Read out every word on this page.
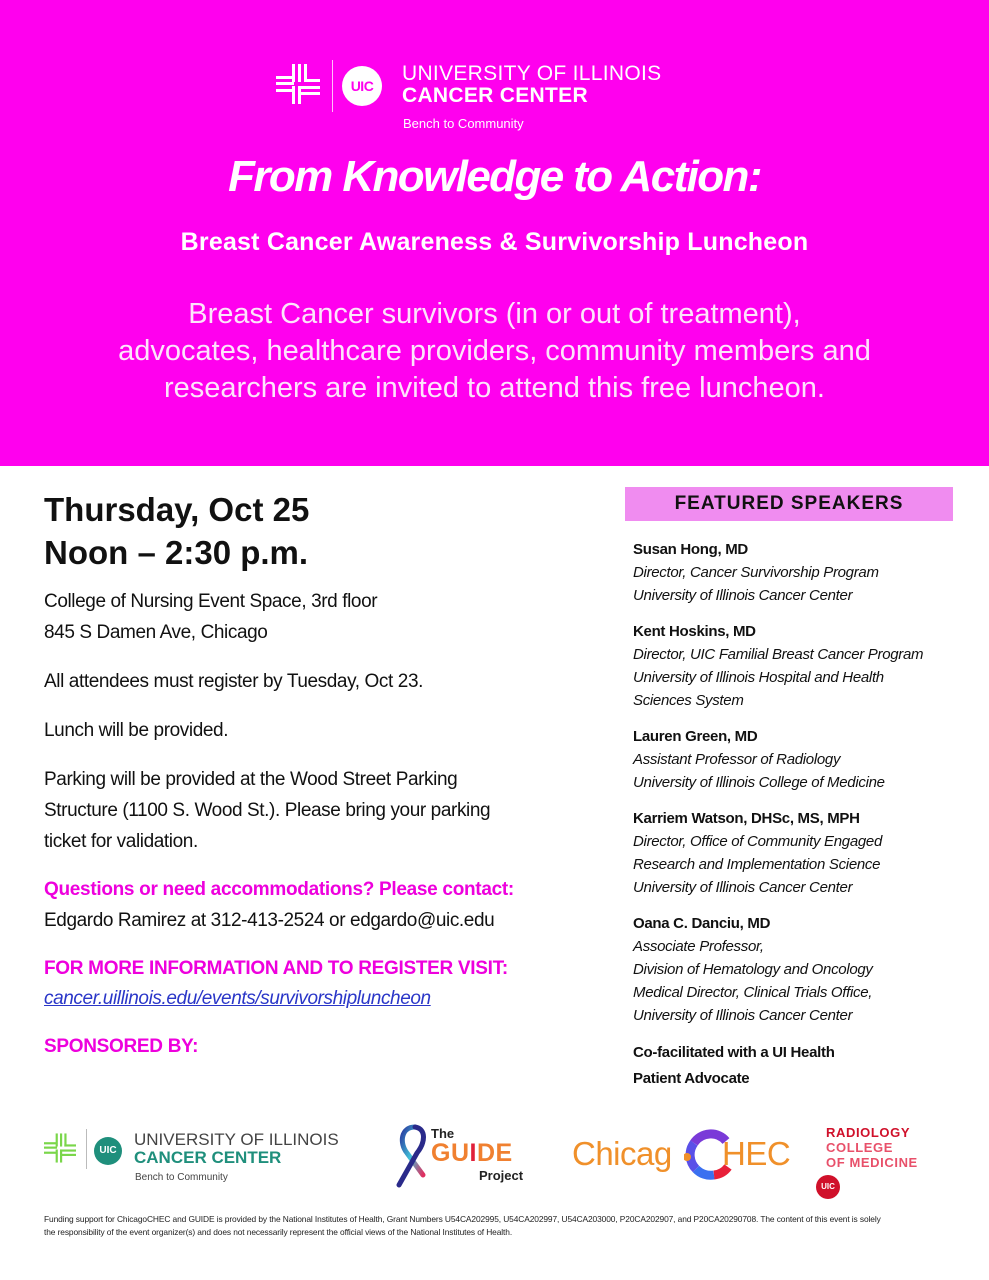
UIC
UNIVERSITY OF ILLINOIS
CANCER CENTER
Bench to Community
From Knowledge to Action:
Breast Cancer Awareness & Survivorship Luncheon
Breast Cancer survivors (in or out of treatment),
advocates, healthcare providers, community members and
researchers are invited to attend this free luncheon.
Thursday, Oct 25
Noon – 2:30 p.m.
College of Nursing Event Space, 3rd floor
845 S Damen Ave, Chicago
All attendees must register by Tuesday, Oct 23.
Lunch will be provided.
Parking will be provided at the Wood Street Parking
Structure (1100 S. Wood St.). Please bring your parking
ticket for validation.
Questions or need accommodations? Please contact:
Edgardo Ramirez at 312-413-2524 or edgardo@uic.edu
FOR MORE INFORMATION AND TO REGISTER VISIT:
cancer.uillinois.edu/events/survivorshipluncheon
SPONSORED BY:
FEATURED SPEAKERS
Susan Hong, MD
Director, Cancer Survivorship Program
University of Illinois Cancer Center
Kent Hoskins, MD
Director, UIC Familial Breast Cancer Program
University of Illinois Hospital and Health
Sciences System
Lauren Green, MD
Assistant Professor of Radiology
University of Illinois College of Medicine
Karriem Watson, DHSc, MS, MPH
Director, Office of Community Engaged
Research and Implementation Science
University of Illinois Cancer Center
Oana C. Danciu, MD
Associate Professor,
Division of Hematology and Oncology
Medical Director, Clinical Trials Office,
University of Illinois Cancer Center
Co-facilitated with a UI Health
Patient Advocate
UIC
UNIVERSITY OF ILLINOIS
CANCER CENTER
Bench to Community
The
GUIDE
Project
Chicag HEC
RADIOLOGY
COLLEGE
OF MEDICINE
UIC
Funding support for ChicagoCHEC and GUIDE is provided by the National Institutes of Health, Grant Numbers U54CA202995, U54CA202997, U54CA203000, P20CA202907, and P20CA20290708. The content of this event is solely
the responsibility of the event organizer(s) and does not necessarily represent the official views of the National Institutes of Health.
